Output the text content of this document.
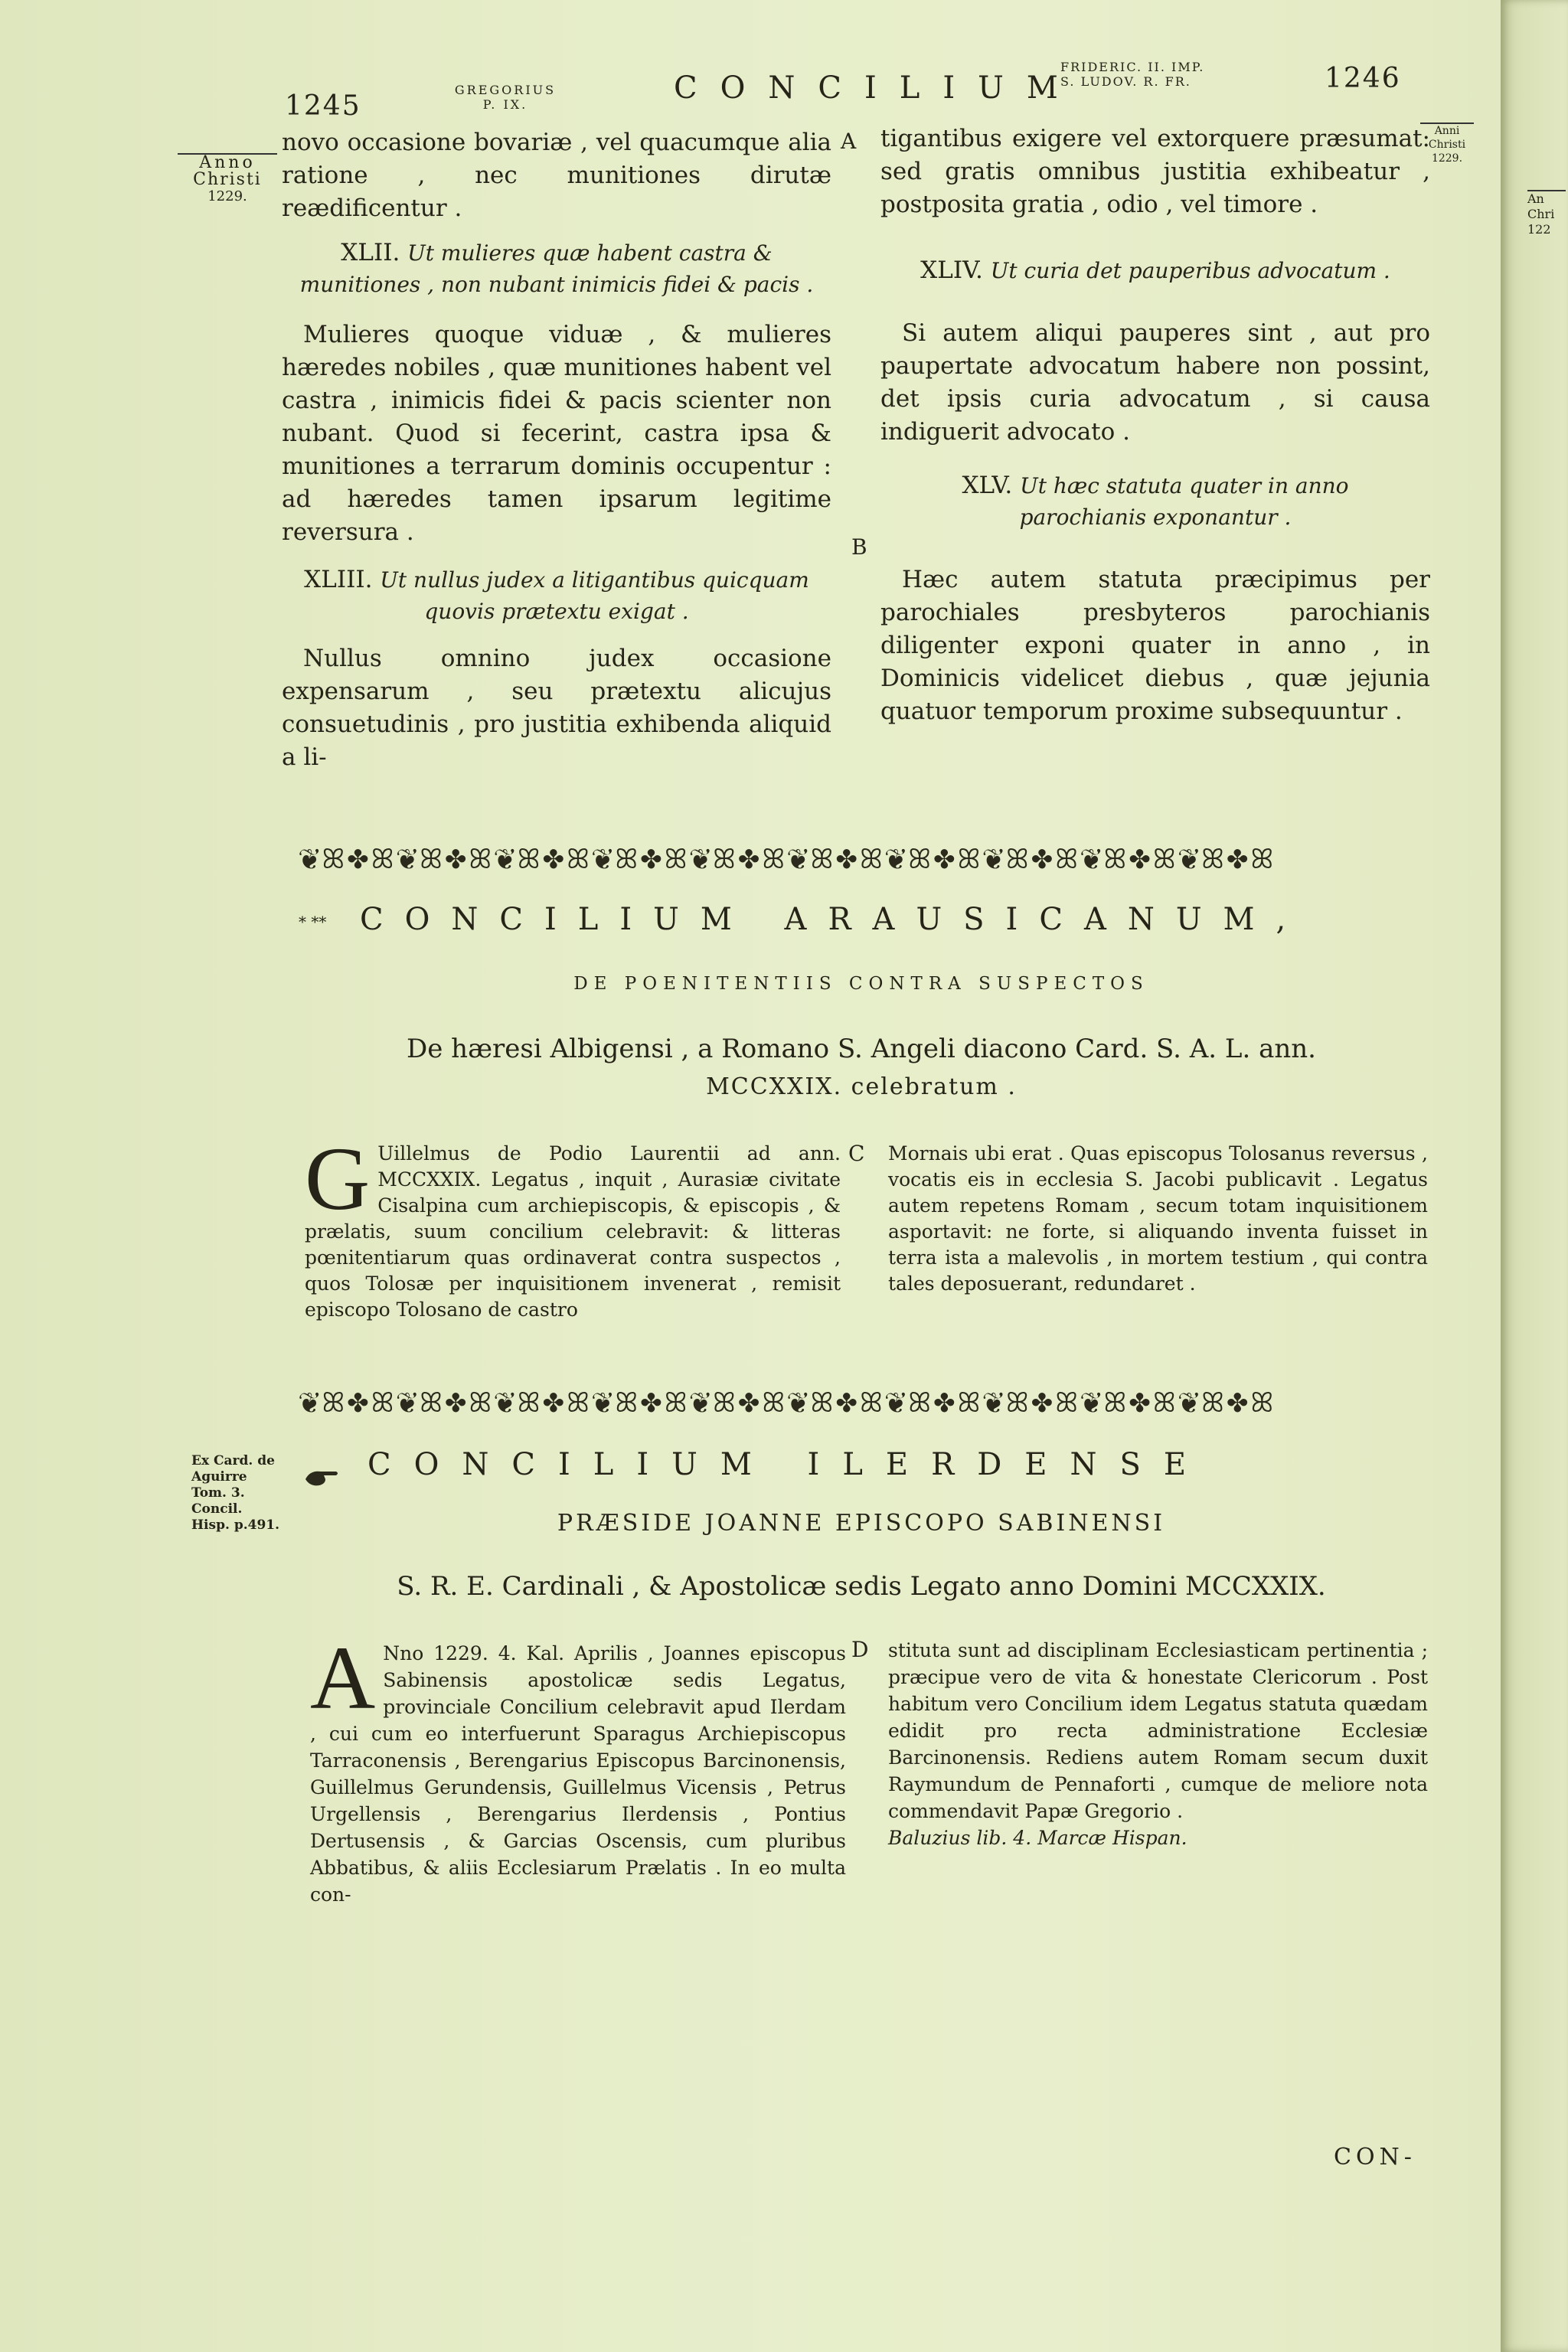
1245
GREGORIUS
P. IX.	CONCILIUM
FRIDERIC. II. IMP.
S. LUDOV. R. FR.	1246
Anno
Christi
1229.
Anni
Christi
1229.
An
Chri
122
A
B

novo occasione bovariæ , vel quacumque alia ratione , nec munitiones dirutæ reædificentur .

XLII. Ut mulieres quæ habent castra & munitiones , non nubant inimicis fidei & pacis .

Mulieres quoque viduæ , & mulieres hæredes nobiles , quæ munitiones habent vel castra , inimicis fidei & pacis scienter non nubant. Quod si fecerint, castra ipsa & munitiones a terrarum dominis occupentur : ad hæredes tamen ipsarum legitime reversura .

XLIII. Ut nullus judex a litigantibus quicquam quovis prætextu exigat .

Nullus omnino judex occasione expensarum , seu prætextu alicujus consuetudinis , pro justitia exhibenda aliquid a li-

tigantibus exigere vel extorquere præsumat: sed gratis omnibus justitia exhibeatur , postposita gratia , odio , vel timore .

XLIV. Ut curia det pauperibus advocatum .

Si autem aliqui pauperes sint , aut pro paupertate advocatum habere non possint, det ipsis curia advocatum , si causa indiguerit advocato .

XLV. Ut hæc statuta quater in anno parochianis exponantur .

Hæc autem statuta præcipimus per parochiales presbyteros parochianis diligenter exponi quater in anno , in Dominicis videlicet diebus , quæ jejunia quatuor temporum proxime subsequuntur .

❦ꕤ✤ꕤ❦ꕤ✤ꕤ❦ꕤ✤ꕤ❦ꕤ✤ꕤ❦ꕤ✤ꕤ❦ꕤ✤ꕤ❦ꕤ✤ꕤ❦ꕤ✤ꕤ❦ꕤ✤ꕤ❦ꕤ✤ꕤ
* ** CONCILIUM ARAUSICANUM,
DE POENITENTIIS CONTRA SUSPECTOS
De hæresi Albigensi , a Romano S. Angeli diacono Card. S. A. L. ann.
MCCXXIX. celebratum .
C
G Uillelmus de Podio Laurentii ad ann. MCCXXIX. Legatus , inquit , Aurasiæ civitate Cisalpina cum archiepiscopis, & episcopis , & prælatis, suum concilium celebravit: & litteras pœnitentiarum quas ordinaverat contra suspectos , quos Tolosæ per inquisitionem invenerat , remisit episcopo Tolosano de castro

Mornais ubi erat . Quas episcopus Tolosanus reversus , vocatis eis in ecclesia S. Jacobi publicavit . Legatus autem repetens Romam , secum totam inquisitionem asportavit: ne forte, si aliquando inventa fuisset in terra ista a malevolis , in mortem testium , qui contra tales deposuerant, redundaret .

❦ꕤ✤ꕤ❦ꕤ✤ꕤ❦ꕤ✤ꕤ❦ꕤ✤ꕤ❦ꕤ✤ꕤ❦ꕤ✤ꕤ❦ꕤ✤ꕤ❦ꕤ✤ꕤ❦ꕤ✤ꕤ❦ꕤ✤ꕤ
Ex Card. de
Aguirre
Tom. 3.
Concil.
Hisp. p.491.
CONCILIUM ILERDENSE
PRÆSIDE JOANNE EPISCOPO SABINENSI
S. R. E. Cardinali , & Apostolicæ sedis Legato anno Domini MCCXXIX.
D
A Nno 1229. 4. Kal. Aprilis , Joannes episcopus Sabinensis apostolicæ sedis Legatus, provinciale Concilium celebravit apud Ilerdam , cui cum eo interfuerunt Sparagus Archiepiscopus Tarraconensis , Berengarius Episcopus Barcinonensis, Guillelmus Gerundensis, Guillelmus Vicensis , Petrus Urgellensis , Berengarius Ilerdensis , Pontius Dertusensis , & Garcias Oscensis, cum pluribus Abbatibus, & aliis Ecclesiarum Prælatis . In eo multa con-

stituta sunt ad disciplinam Ecclesiasticam pertinentia ; præcipue vero de vita & honestate Clericorum . Post habitum vero Concilium idem Legatus statuta quædam edidit pro recta administratione Ecclesiæ Barcinonensis. Rediens autem Romam secum duxit Raymundum de Pennaforti , cumque de meliore nota commendavit Papæ Gregorio .

Baluzius lib. 4. Marcæ Hispan.

CON-
